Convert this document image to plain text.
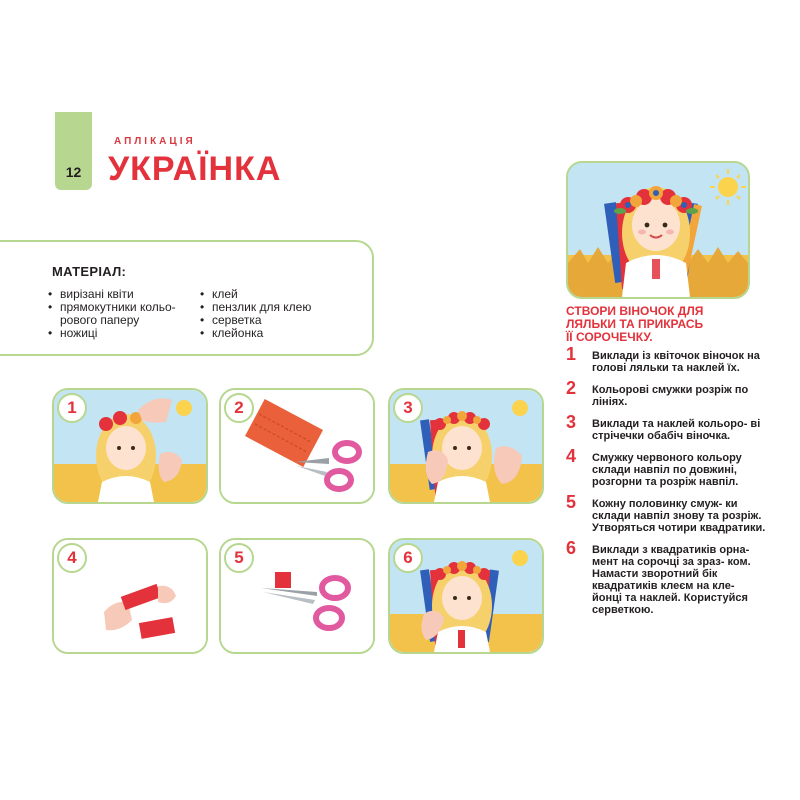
12
АПЛІКАЦІЯ
УКРАЇНКА
МАТЕРІАЛ:
• вирізані квіти
• прямокутники кольо-
рового паперу
• ножиці
• клей
• пензлик для клею
• серветка
• клейонка
СТВОРИ ВІНОЧОК ДЛЯ
ЛЯЛЬКИ ТА ПРИКРАСЬ
ЇЇ СОРОЧЕЧКУ.
1 Виклади із квіточок віночок на голові ляльки та наклей їх.
2 Кольорові смужки розріж по лініях.
3 Виклади та наклей кольоро- ві стрічечки обабіч віночка.
4 Смужку червоного кольору склади навпіл по довжині, розгорни та розріж навпіл.
5 Кожну половинку смуж- ки склади навпіл знову та розріж. Утворяться чотири квадратики.
6 Виклади з квадратиків орна- мент на сорочці за зраз- ком. Намасти зворотний бік квадратиків клеєм на кле- йонці та наклей. Користуйся серветкою.
1	2	3
4	5	6
